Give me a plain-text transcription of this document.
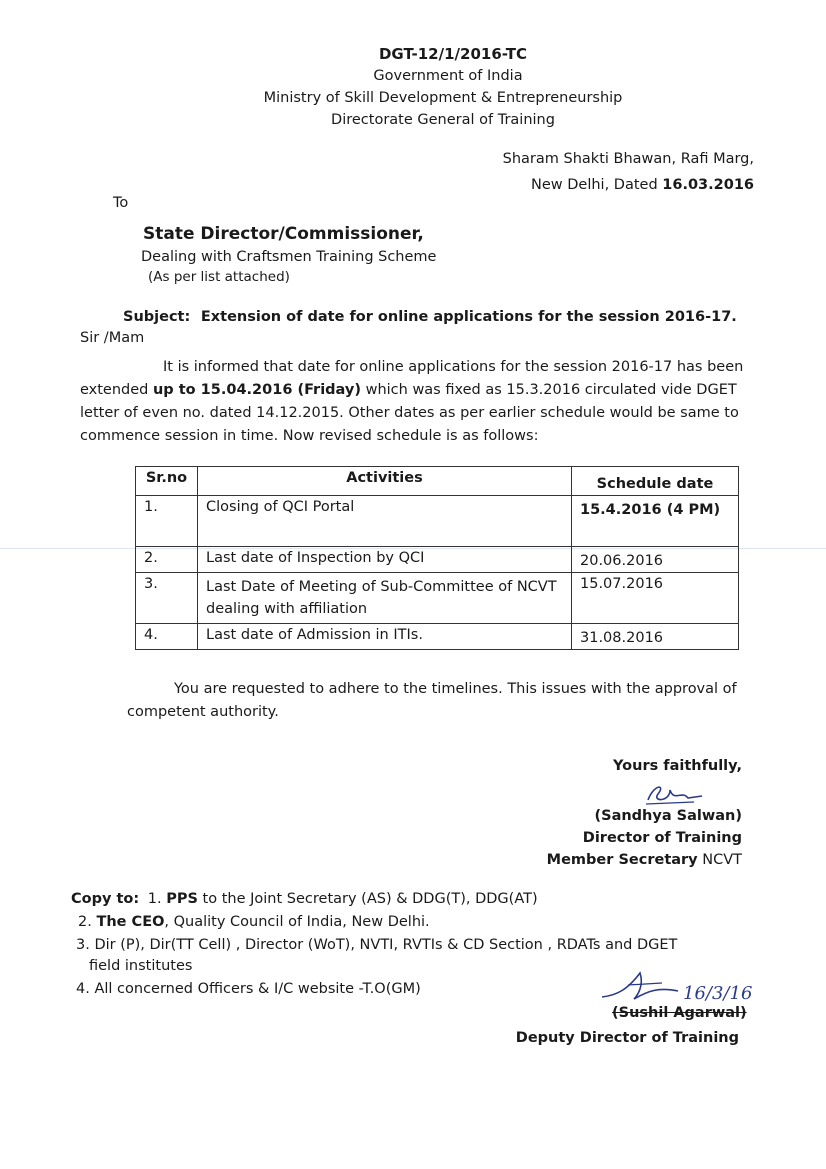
DGT-12/1/2016-TC
Government of India
Ministry of Skill Development & Entrepreneurship
Directorate General of Training
Sharam Shakti Bhawan, Rafi Marg,
New Delhi, Dated 16.03.2016
To
State Director/Commissioner,
Dealing with Craftsmen Training Scheme
(As per list attached)
Subject: Extension of date for online applications for the session 2016-17.
Sir /Mam
It is informed that date for online applications for the session 2016-17 has been
extended up to 15.04.2016 (Friday) which was fixed as 15.3.2016 circulated vide DGET
letter of even no. dated 14.12.2015. Other dates as per earlier schedule would be same to
commence session in time. Now revised schedule is as follows:
Sr.no	Activities	Schedule date
1.	Closing of QCI Portal	15.4.2016 (4 PM)
2.	Last date of Inspection by QCI	20.06.2016
3.	Last Date of Meeting of Sub-Committee of NCVT
dealing with affiliation	15.07.2016
4.	Last date of Admission in ITIs.	31.08.2016
You are requested to adhere to the timelines. This issues with the approval of
competent authority.
Yours faithfully,
(Sandhya Salwan)
Director of Training
Member Secretary NCVT
Copy to: 1. PPS to the Joint Secretary (AS) & DDG(T), DDG(AT)
2. The CEO, Quality Council of India, New Delhi.
3. Dir (P), Dir(TT Cell) , Director (WoT), NVTI, RVTIs & CD Section , RDATs and DGET
field institutes
4. All concerned Officers & I/C website -T.O(GM)	16/3/16
(Sushil Agarwal)
Deputy Director of Training
